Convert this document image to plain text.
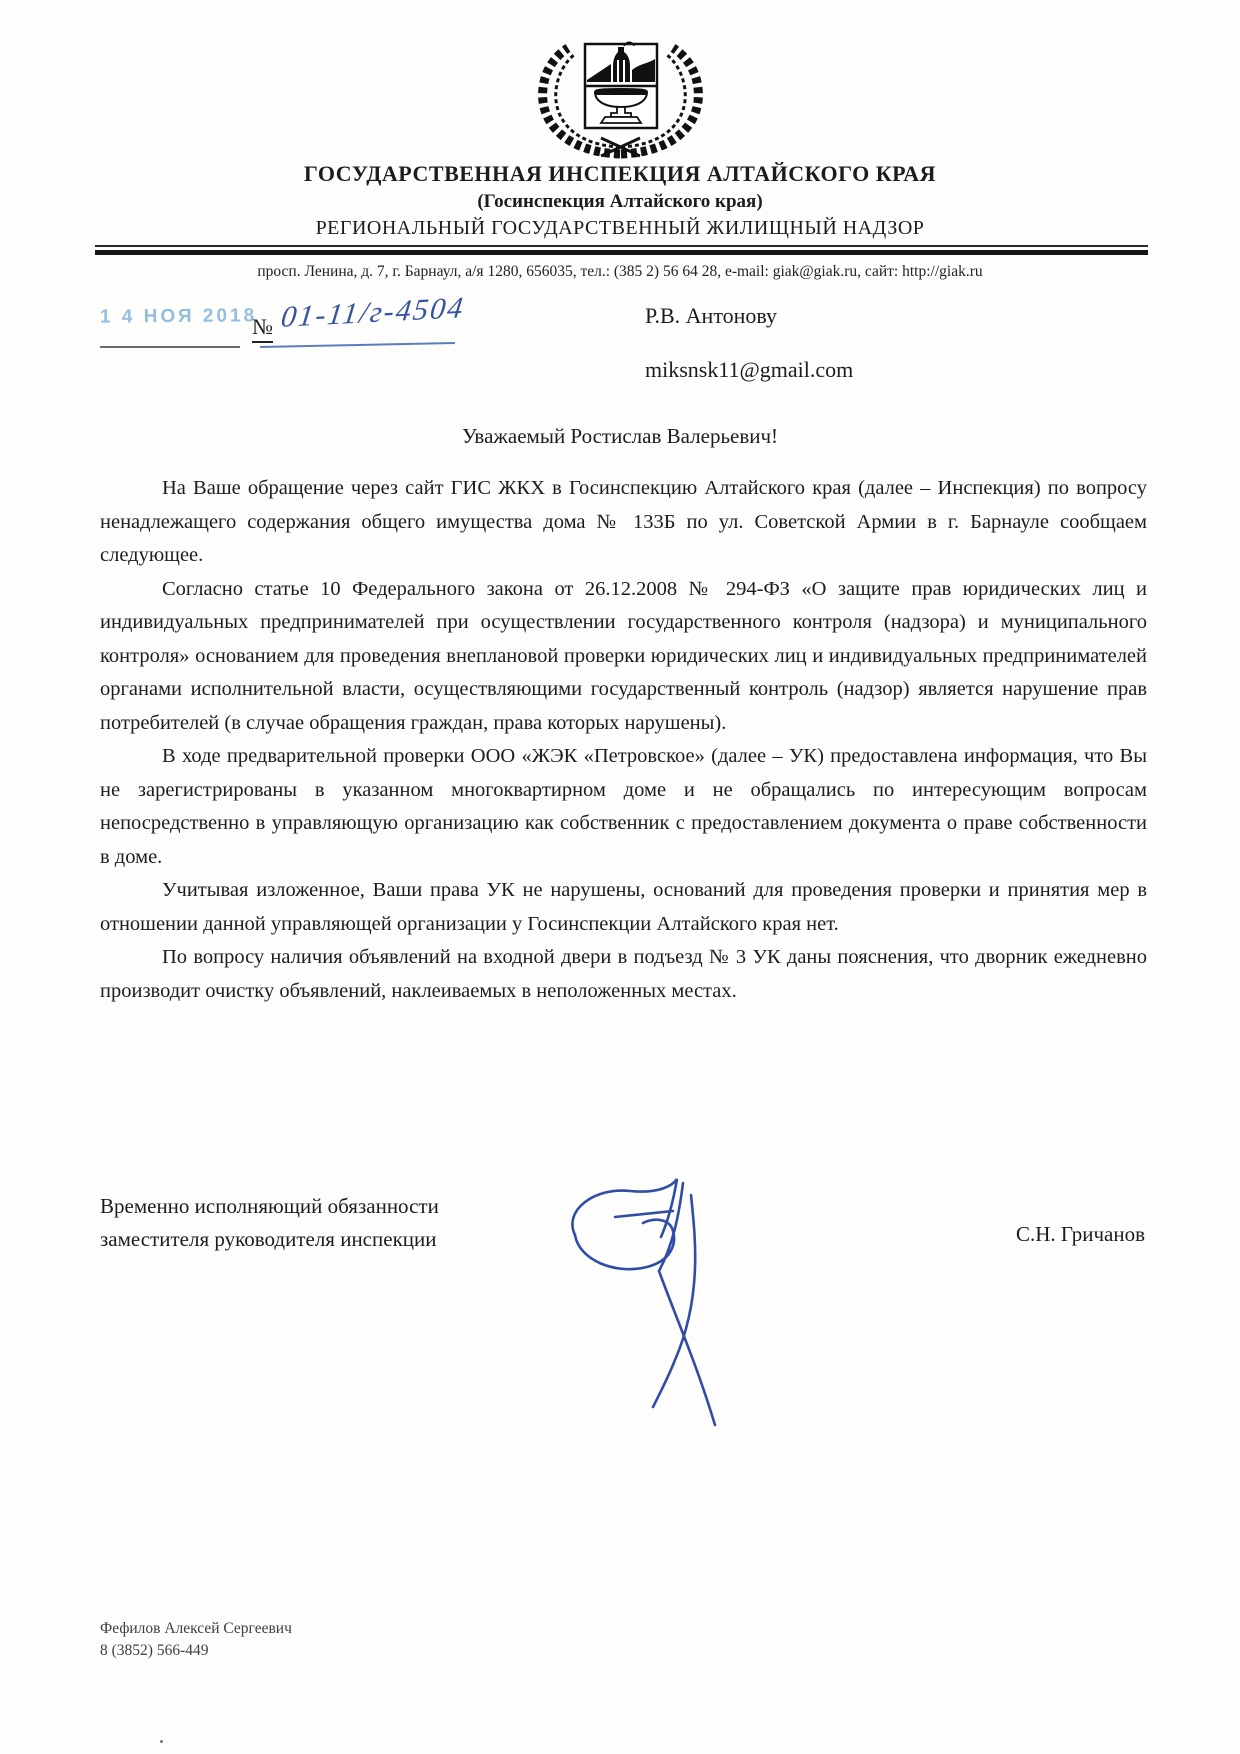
ГОСУДАРСТВЕННАЯ ИНСПЕКЦИЯ АЛТАЙСКОГО КРАЯ
(Госинспекция Алтайского края)
РЕГИОНАЛЬНЫЙ ГОСУДАРСТВЕННЫЙ ЖИЛИЩНЫЙ НАДЗОР
просп. Ленина, д. 7, г. Барнаул, а/я 1280, 656035, тел.: (385 2) 56 64 28, e-mail: giak@giak.ru, сайт: http://giak.ru
1 4 НОЯ 2018
№ 01-11/г-4504	Р.В. Антонову
miksnsk11@gmail.com
Уважаемый Ростислав Валерьевич!

На Ваше обращение через сайт ГИС ЖКХ в Госинспекцию Алтайского края (далее – Инспекция) по вопросу ненадлежащего содержания общего имущества дома № 133Б по ул. Советской Армии в г. Барнауле сообщаем следующее.

Согласно статье 10 Федерального закона от 26.12.2008 № 294-ФЗ «О защите прав юридических лиц и индивидуальных предпринимателей при осуществлении государственного контроля (надзора) и муниципального контроля» основанием для проведения внеплановой проверки юридических лиц и индивидуальных предпринимателей органами исполнительной власти, осуществляющими государственный контроль (надзор) является нарушение прав потребителей (в случае обращения граждан, права которых нарушены).

В ходе предварительной проверки ООО «ЖЭК «Петровское» (далее – УК) предоставлена информация, что Вы не зарегистрированы в указанном многоквартирном доме и не обращались по интересующим вопросам непосредственно в управляющую организацию как собственник с предоставлением документа о праве собственности в доме.

Учитывая изложенное, Ваши права УК не нарушены, оснований для проведения проверки и принятия мер в отношении данной управляющей организации у Госинспекции Алтайского края нет.

По вопросу наличия объявлений на входной двери в подъезд № 3 УК даны пояснения, что дворник ежедневно производит очистку объявлений, наклеиваемых в неположенных местах.

Временно исполняющий обязанности
заместителя руководителя инспекции	С.Н. Гричанов
Фефилов Алексей Сергеевич
8 (3852) 566-449
